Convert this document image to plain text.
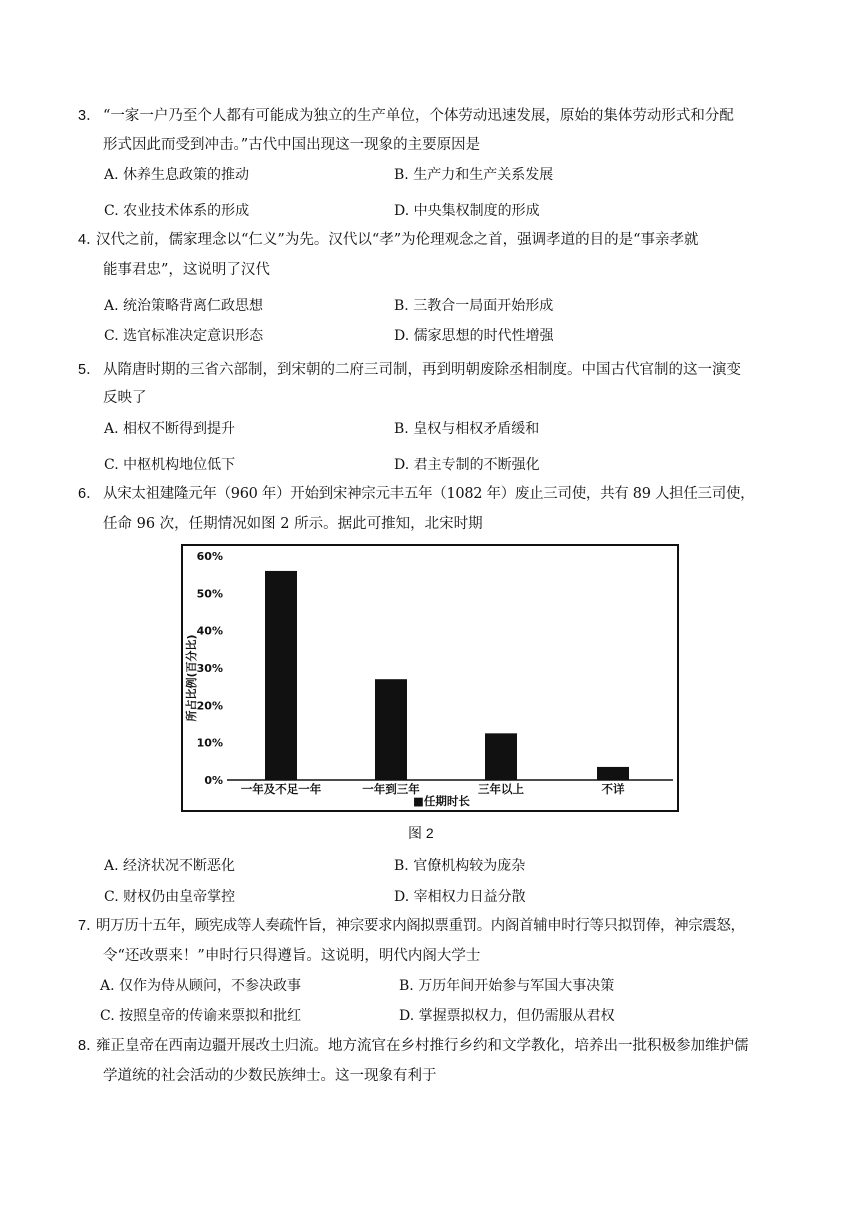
3． “一家一户乃至个人都有可能成为独立的生产单位，个体劳动迅速发展，原始的集体劳动形式和分配
形式因此而受到冲击。”古代中国出现这一现象的主要原因是
A. 休养生息政策的推动	B. 生产力和生产关系发展
C. 农业技术体系的形成	D. 中央集权制度的形成
4．
汉代之前，儒家理念以“仁义”为先。汉代以“孝”为伦理观念之首，强调孝道的目的是“事亲孝就
能事君忠”，这说明了汉代
A. 统治策略背离仁政思想	B. 三教合一局面开始形成
C. 选官标准决定意识形态	D. 儒家思想的时代性增强
5． 从隋唐时期的三省六部制，到宋朝的二府三司制，再到明朝废除丞相制度。中国古代官制的这一演变
反映了
A. 相权不断得到提升	B. 皇权与相权矛盾缓和
C. 中枢机构地位低下	D. 君主专制的不断强化
6． 从宋太祖建隆元年（960 年）开始到宋神宗元丰五年（1082 年）废止三司使，共有 89 人担任三司使，
任命 96 次，任期情况如图 2 所示。据此可推知，北宋时期
所占比例(百分比)
0%
10%
20%
30%
40%
50%
60%
一年及不足一年	一年到三年	三年以上	不详
■任期时长
图 2
A. 经济状况不断恶化	B. 官僚机构较为庞杂
C. 财权仍由皇帝掌控	D. 宰相权力日益分散
7．
明万历十五年，顾宪成等人奏疏忤旨，神宗要求内阁拟票重罚。内阁首辅申时行等只拟罚俸，神宗震怒，
令“还改票来！”申时行只得遵旨。这说明，明代内阁大学士
A. 仅作为侍从顾问，不参决政事	B. 万历年间开始参与军国大事决策
C. 按照皇帝的传谕来票拟和批红	D. 掌握票拟权力，但仍需服从君权
8．
雍正皇帝在西南边疆开展改土归流。地方流官在乡村推行乡约和文学教化，培养出一批积极参加维护儒
学道统的社会活动的少数民族绅士。这一现象有利于
